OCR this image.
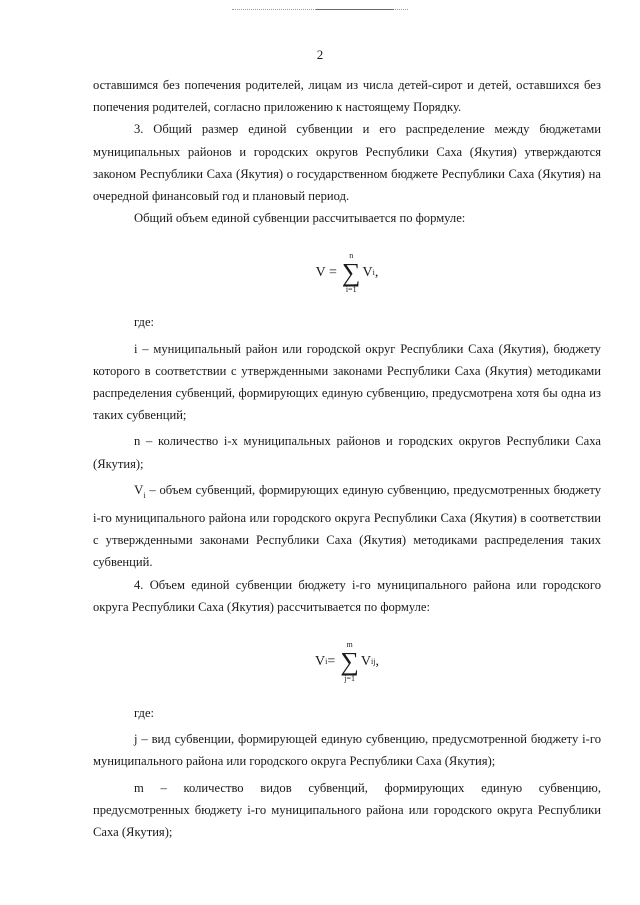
2

оставшимся без попечения родителей, лицам из числа детей-сирот и детей, оставшихся без попечения родителей, согласно приложению к настоящему Порядку.

3. Общий размер единой субвенции и его распределение между бюджетами муниципальных районов и городских округов Республики Саха (Якутия) утверждаются законом Республики Саха (Якутия) о государственном бюджете Республики Саха (Якутия) на очередной финансовый год и плановый период.

Общий объем единой субвенции рассчитывается по формуле:

V =
n
∑
i=1
V i ,

где:

i – муниципальный район или городской округ Республики Саха (Якутия), бюджету которого в соответствии с утвержденными законами Республики Саха (Якутия) методиками распределения субвенций, формирующих единую субвенцию, предусмотрена хотя бы одна из таких субвенций;

n – количество i-х муниципальных районов и городских округов Республики Саха (Якутия);

$V_i$ – объем субвенций, формирующих единую субвенцию, предусмотренных бюджету i-го муниципального района или городского округа Республики Саха (Якутия) в соответствии с утвержденными законами Республики Саха (Якутия) методиками распределения таких субвенций.

4. Объем единой субвенции бюджету i-го муниципального района или городского округа Республики Саха (Якутия) рассчитывается по формуле:

V i =
m
∑
j=1
V ij ,

где:

j – вид субвенции, формирующей единую субвенцию, предусмотренной бюджету i-го муниципального района или городского округа Республики Саха (Якутия);

m – количество видов субвенций, формирующих единую субвенцию, предусмотренных бюджету i-го муниципального района или городского округа Республики Саха (Якутия);
